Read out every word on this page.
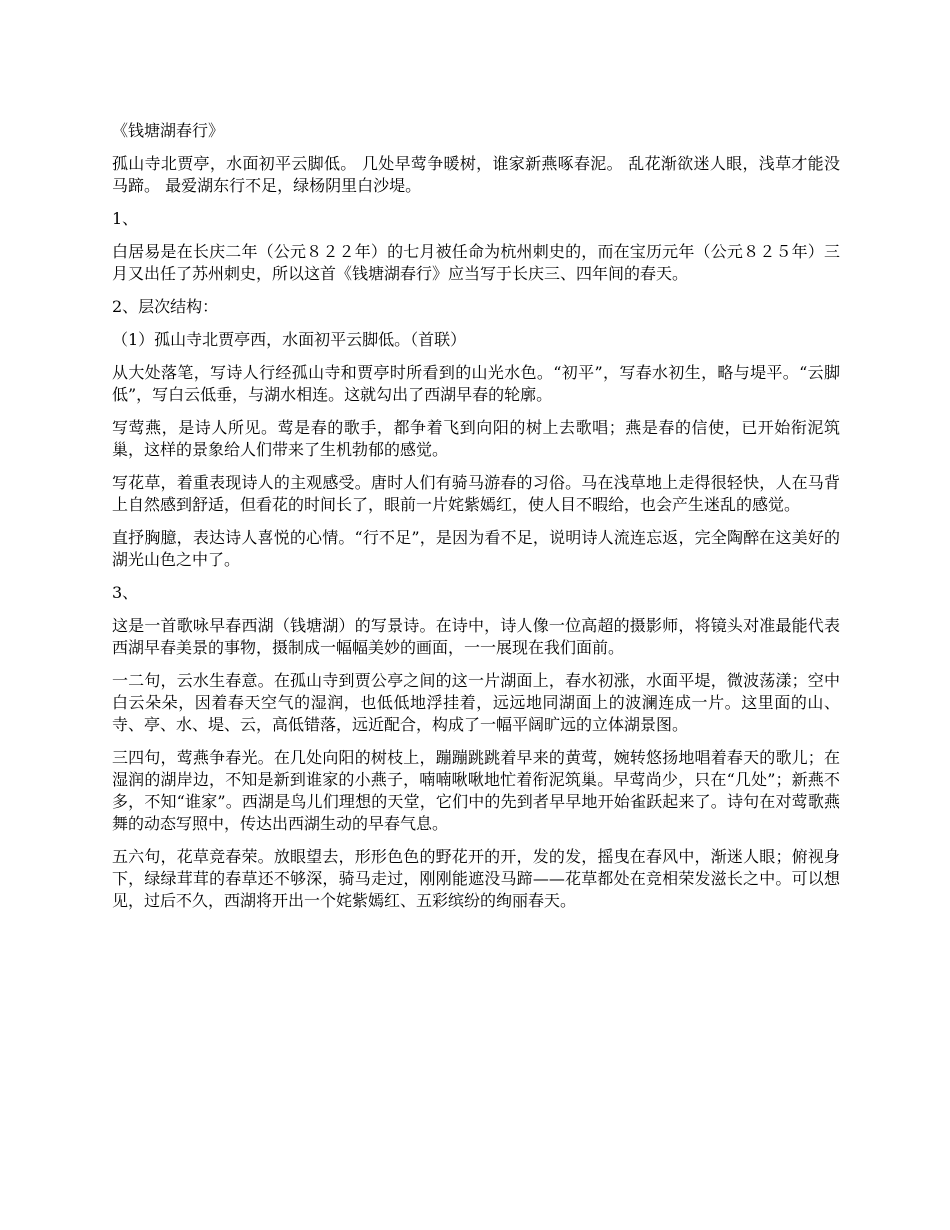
《钱塘湖春行》

孤山寺北贾亭，水面初平云脚低。 几处早莺争暖树，谁家新燕啄春泥。 乱花渐欲迷人眼，浅草才能没马蹄。 最爱湖东行不足，绿杨阴里白沙堤。

1、

白居易是在长庆二年（公元８２２年）的七月被任命为杭州刺史的，而在宝历元年（公元８２５年）三月又出任了苏州刺史，所以这首《钱塘湖春行》应当写于长庆三、四年间的春天。

2、层次结构：

（1）孤山寺北贾亭西，水面初平云脚低。（首联）

从大处落笔，写诗人行经孤山寺和贾亭时所看到的山光水色。“初平”，写春水初生，略与堤平。“云脚低”，写白云低垂，与湖水相连。这就勾出了西湖早春的轮廓。

写莺燕，是诗人所见。莺是春的歌手，都争着飞到向阳的树上去歌唱；燕是春的信使，已开始衔泥筑巢，这样的景象给人们带来了生机勃郁的感觉。

写花草，着重表现诗人的主观感受。唐时人们有骑马游春的习俗。马在浅草地上走得很轻快，人在马背上自然感到舒适，但看花的时间长了，眼前一片姹紫嫣红，使人目不暇给，也会产生迷乱的感觉。

直抒胸臆，表达诗人喜悦的心情。“行不足”，是因为看不足，说明诗人流连忘返，完全陶醉在这美好的湖光山色之中了。

3、

这是一首歌咏早春西湖（钱塘湖）的写景诗。在诗中，诗人像一位高超的摄影师，将镜头对准最能代表西湖早春美景的事物，摄制成一幅幅美妙的画面，一一展现在我们面前。

一二句，云水生春意。在孤山寺到贾公亭之间的这一片湖面上，春水初涨，水面平堤，微波荡漾；空中白云朵朵，因着春天空气的湿润，也低低地浮挂着，远远地同湖面上的波澜连成一片。这里面的山、寺、亭、水、堤、云，高低错落，远近配合，构成了一幅平阔旷远的立体湖景图。

三四句，莺燕争春光。在几处向阳的树枝上，蹦蹦跳跳着早来的黄莺，婉转悠扬地唱着春天的歌儿；在湿润的湖岸边，不知是新到谁家的小燕子，喃喃啾啾地忙着衔泥筑巢。早莺尚少，只在“几处”；新燕不多，不知“谁家”。西湖是鸟儿们理想的天堂，它们中的先到者早早地开始雀跃起来了。诗句在对莺歌燕舞的动态写照中，传达出西湖生动的早春气息。

五六句，花草竞春荣。放眼望去，形形色色的野花开的开，发的发，摇曳在春风中，渐迷人眼；俯视身下，绿绿茸茸的春草还不够深，骑马走过，刚刚能遮没马蹄——花草都处在竞相荣发滋长之中。可以想见，过后不久，西湖将开出一个姹紫嫣红、五彩缤纷的绚丽春天。
